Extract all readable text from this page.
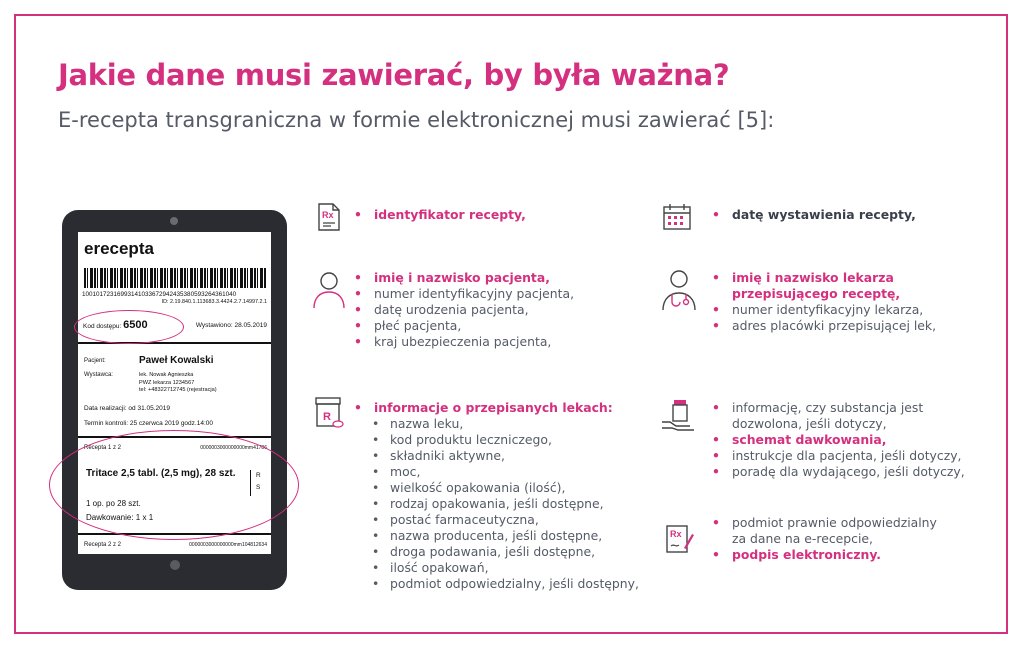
Jakie dane musi zawierać, by była ważna?
E-recepta transgraniczna w formie elektronicznej musi zawierać [5]:
erecepta
10010172316993141033672942435380593264361040
ID: 2.19.840.1.113683.3.4424.2.7.14997.2.1
Kod dostępu: 6500	Wystawiono: 28.05.2019
Pacjent:	Paweł Kowalski
Wystawca:	lek. Nowak Agnieszka
PWZ lekarza 1234567
tel: +48322712745 (rejestracja)
Data realizacji: od 31.05.2019
Termin kontroli: 25 czerwca 2019 godz.14:00
Recepta 1 z 2	0000003000000000mm41786
Tritace 2,5 tabl. (2,5 mg), 28 szt.	R
S
1 op. po 28 szt.
Dawkowanie: 1 x 1
Recepta 2 z 2	0000003000000000mm104812634
Rx
R
Rx
• identyfikator recepty,
•	datę wystawienia recepty,
• imię i nazwisko pacjenta,
• numer identyfikacyjny pacjenta,
• datę urodzenia pacjenta,
• płeć pacjenta,
• kraj ubezpieczenia pacjenta,
• imię i nazwisko lekarza
przepisującego receptę,
• numer identyfikacyjny lekarza,
• adres placówki przepisującej lek,
• informacje o przepisanych lekach:
• nazwa leku,
• kod produktu leczniczego,
• składniki aktywne,
• moc,
• wielkość opakowania (ilość),
• rodzaj opakowania, jeśli dostępne,
• postać farmaceutyczna,
• nazwa producenta, jeśli dostępne,
• droga podawania, jeśli dostępne,
• ilość opakowań,
• podmiot odpowiedzialny, jeśli dostępny,
• informację, czy substancja jest
dozwolona, jeśli dotyczy,
• schemat dawkowania,
• instrukcje dla pacjenta, jeśli dotyczy,
• poradę dla wydającego, jeśli dotyczy,
• podmiot prawnie odpowiedzialny
za dane na e-recepcie,
• podpis elektroniczny.
